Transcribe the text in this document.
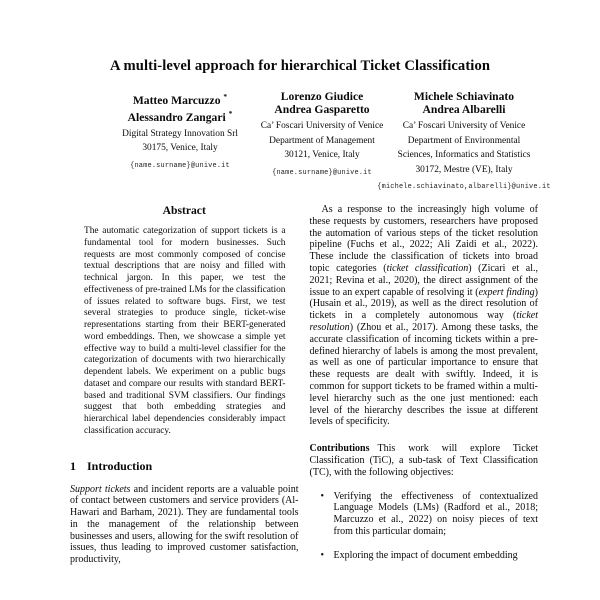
A multi-level approach for hierarchical Ticket Classification
Matteo Marcuzzo *
Alessandro Zangari *
Digital Strategy Innovation Srl
30175, Venice, Italy
{name.surname}@unive.it
Lorenzo Giudice
Andrea Gasparetto
Ca’ Foscari University of Venice
Department of Management
30121, Venice, Italy
{name.surname}@unive.it
Michele Schiavinato
Andrea Albarelli
Ca’ Foscari University of Venice
Department of Environmental
Sciences, Informatics and Statistics
30172, Mestre (VE), Italy
{michele.schiavinato,albarelli}@unive.it
Abstract
The automatic categorization of support tickets is a fundamental tool for modern businesses. Such requests are most commonly composed of concise textual descriptions that are noisy and filled with technical jargon. In this paper, we test the effectiveness of pre-trained LMs for the classification of issues related to software bugs. First, we test several strategies to produce single, ticket-wise representations starting from their BERT-generated word embeddings. Then, we showcase a simple yet effective way to build a multi-level classifier for the categorization of documents with two hierarchically dependent labels. We experiment on a public bugs dataset and compare our results with standard BERT-based and traditional SVM classifiers. Our findings suggest that both embedding strategies and hierarchical label dependencies considerably impact classification accuracy.
1 Introduction
Support tickets and incident reports are a valuable point of contact between customers and service providers (Al-Hawari and Barham, 2021). They are fundamental tools in the management of the relationship between businesses and users, allowing for the swift resolution of issues, thus leading to improved customer satisfaction, productivity,
As a response to the increasingly high volume of these requests by customers, researchers have proposed the automation of various steps of the ticket resolution pipeline (Fuchs et al., 2022; Ali Zaidi et al., 2022). These include the classification of tickets into broad topic categories (ticket classification) (Zicari et al., 2021; Revina et al., 2020), the direct assignment of the issue to an expert capable of resolving it (expert finding) (Husain et al., 2019), as well as the direct resolution of tickets in a completely autonomous way (ticket resolution) (Zhou et al., 2017). Among these tasks, the accurate classification of incoming tickets within a pre-defined hierarchy of labels is among the most prevalent, as well as one of particular importance to ensure that these requests are dealt with swiftly. Indeed, it is common for support tickets to be framed within a multi-level hierarchy such as the one just mentioned: each level of the hierarchy describes the issue at different levels of specificity.
Contributions This work will explore Ticket Classification (TiC), a sub-task of Text Classification (TC), with the following objectives:
• Verifying the effectiveness of contextualized Language Models (LMs) (Radford et al., 2018; Marcuzzo et al., 2022) on noisy pieces of text from this particular domain;
• Exploring the impact of document embedding
